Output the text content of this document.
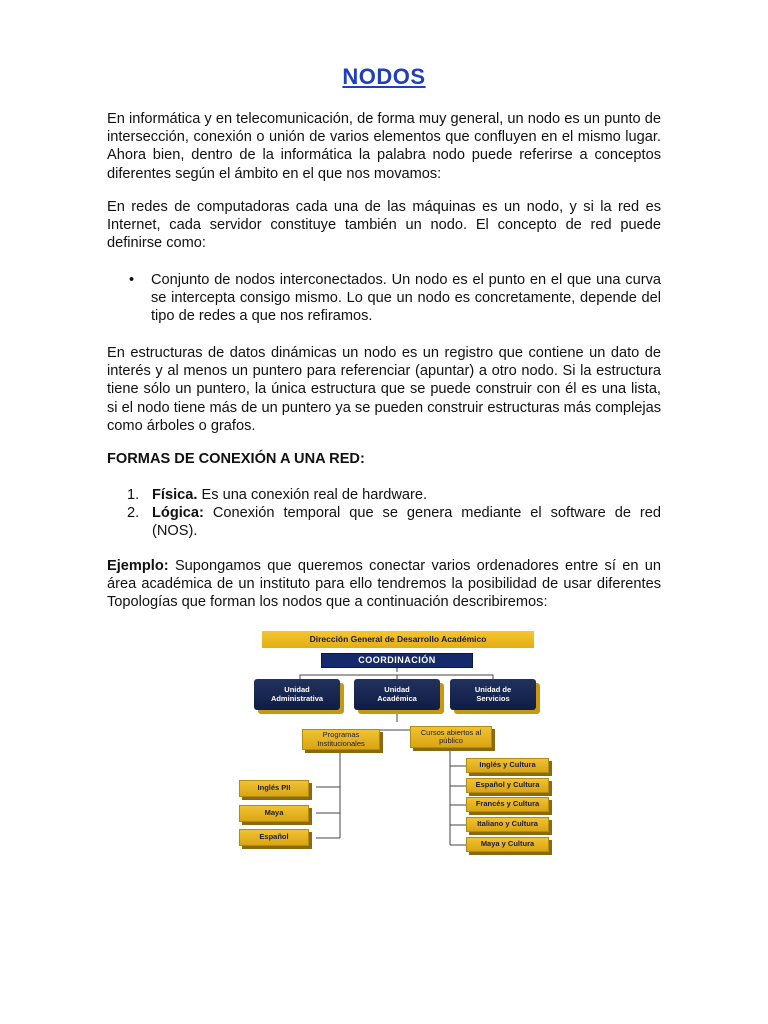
NODOS

En informática y en telecomunicación, de forma muy general, un nodo es un punto de intersección, conexión o unión de varios elementos que confluyen en el mismo lugar. Ahora bien, dentro de la informática la palabra nodo puede referirse a conceptos diferentes según el ámbito en el que nos movamos:

En redes de computadoras cada una de las máquinas es un nodo, y si la red es Internet, cada servidor constituye también un nodo. El concepto de red puede definirse como:

• Conjunto de nodos interconectados. Un nodo es el punto en el que una curva se intercepta consigo mismo. Lo que un nodo es concretamente, depende del tipo de redes a que nos refiramos.

En estructuras de datos dinámicas un nodo es un registro que contiene un dato de interés y al menos un puntero para referenciar (apuntar) a otro nodo. Si la estructura tiene sólo un puntero, la única estructura que se puede construir con él es una lista, si el nodo tiene más de un puntero ya se pueden construir estructuras más complejas como árboles o grafos.

FORMAS DE CONEXIÓN A UNA RED:
1. Física. Es una conexión real de hardware.
2. Lógica: Conexión temporal que se genera mediante el software de red (NOS).

Ejemplo: Supongamos que queremos conectar varios ordenadores entre sí en un área académica de un instituto para ello tendremos la posibilidad de usar diferentes Topologías que forman los nodos que a continuación describiremos:

Dirección General de Desarrollo Académico
COORDINACIÓN
Unidad Administrativa
Unidad Académica
Unidad de Servicios
Programas Institucionales
Cursos abiertos al público
Inglés PII
Maya
Español
Inglés y Cultura
Español y Cultura
Francés y Cultura
Italiano y Cultura
Maya y Cultura
